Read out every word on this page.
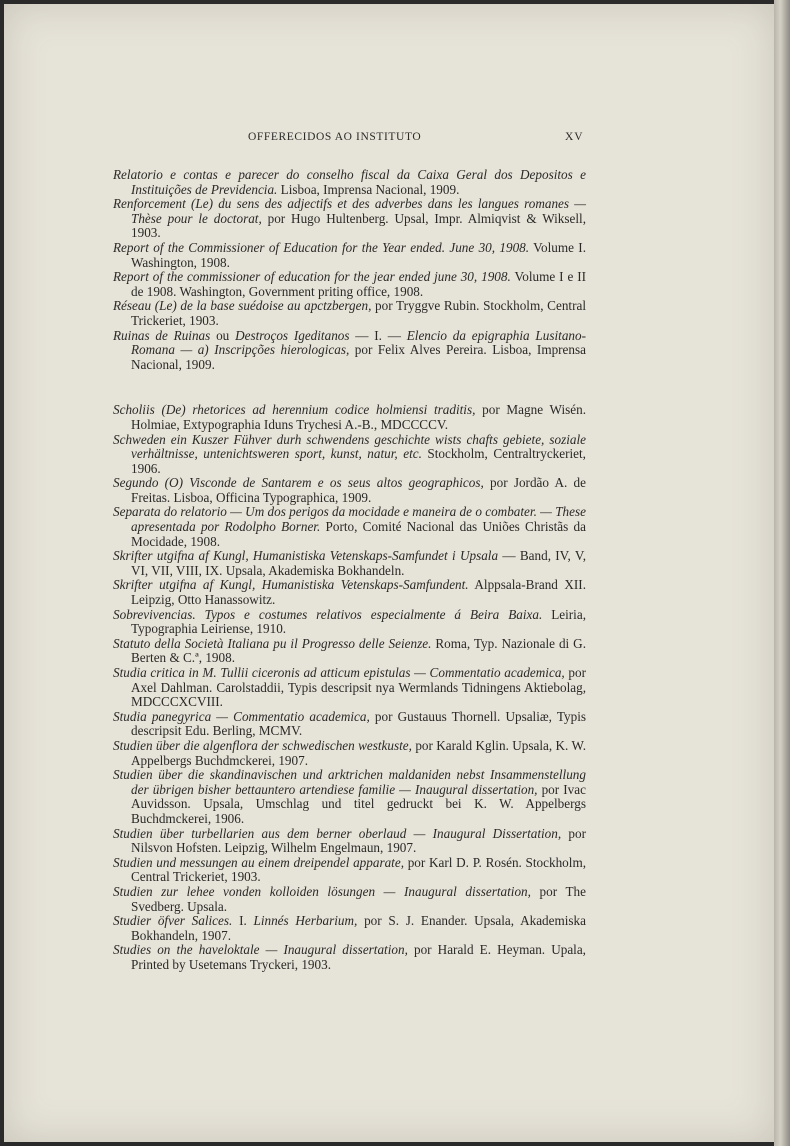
OFFERECIDOS AO INSTITUTO	XV

Relatorio e contas e parecer do conselho fiscal da Caixa Geral dos Depositos e Instituições de Previdencia. Lisboa, Imprensa Nacional, 1909.

Renforcement (Le) du sens des adjectifs et des adverbes dans les langues romanes — Thèse pour le doctorat, por Hugo Hultenberg. Upsal, Impr. Almiqvist & Wiksell, 1903.

Report of the Commissioner of Education for the Year ended. June 30, 1908. Volume I. Washington, 1908.

Report of the commissioner of education for the jear ended june 30, 1908. Volume I e II de 1908. Washington, Government priting office, 1908.

Réseau (Le) de la base suédoise au apctzbergen, por Tryggve Rubin. Stockholm, Central Trickeriet, 1903.

Ruinas de Ruinas ou Destroços Igeditanos — I. — Elencio da epigraphia Lusitano-Romana — a) Inscripções hierologicas, por Felix Alves Pereira. Lisboa, Imprensa Nacional, 1909.

Scholiis (De) rhetorices ad herennium codice holmiensi traditis, por Magne Wisén. Holmiae, Extypographia Iduns Trychesi A.-B., MDCCCCV.

Schweden ein Kuszer Fühver durh schwendens geschichte wists chafts gebiete, soziale verhältnisse, untenichtsweren sport, kunst, natur, etc. Stockholm, Centraltryckeriet, 1906.

Segundo (O) Visconde de Santarem e os seus altos geographicos, por Jordão A. de Freitas. Lisboa, Officina Typographica, 1909.

Separata do relatorio — Um dos perigos da mocidade e maneira de o combater. — These apresentada por Rodolpho Borner. Porto, Comité Nacional das Uniões Christãs da Mocidade, 1908.

Skrifter utgifna af Kungl, Humanistiska Vetenskaps-Samfundet i Upsala — Band, IV, V, VI, VII, VIII, IX. Upsala, Akademiska Bokhandeln.

Skrifter utgifna af Kungl, Humanistiska Vetenskaps-Samfundent. Alppsala-Brand XII. Leipzig, Otto Hanassowitz.

Sobrevivencias. Typos e costumes relativos especialmente á Beira Baixa. Leiria, Typographia Leiriense, 1910.

Statuto della Società Italiana pu il Progresso delle Seienze. Roma, Typ. Nazionale di G. Berten & C.ª, 1908.

Studia critica in M. Tullii ciceronis ad atticum epistulas — Commentatio academica, por Axel Dahlman. Carolstaddii, Typis descripsit nya Wermlands Tidningens Aktiebolag, MDCCCXCVIII.

Studia panegyrica — Commentatio academica, por Gustauus Thornell. Upsaliæ, Typis descripsit Edu. Berling, MCMV.

Studien über die algenflora der schwedischen westkuste, por Karald Kglin. Upsala, K. W. Appelbergs Buchdmckerei, 1907.

Studien über die skandinavischen und arktrichen maldaniden nebst Insammenstellung der übrigen bisher bettauntero artendiese familie — Inaugural dissertation, por Ivac Auvidsson. Upsala, Umschlag und titel gedruckt bei K. W. Appelbergs Buchdmckerei, 1906.

Studien über turbellarien aus dem berner oberlaud — Inaugural Dissertation, por Nilsvon Hofsten. Leipzig, Wilhelm Engelmaun, 1907.

Studien und messungen au einem dreipendel apparate, por Karl D. P. Rosén. Stockholm, Central Trickeriet, 1903.

Studien zur lehee vonden kolloiden lösungen — Inaugural dissertation, por The Svedberg. Upsala.

Studier öfver Salices. I. Linnés Herbarium, por S. J. Enander. Upsala, Akademiska Bokhandeln, 1907.

Studies on the haveloktale — Inaugural dissertation, por Harald E. Heyman. Upala, Printed by Usetemans Tryckeri, 1903.
